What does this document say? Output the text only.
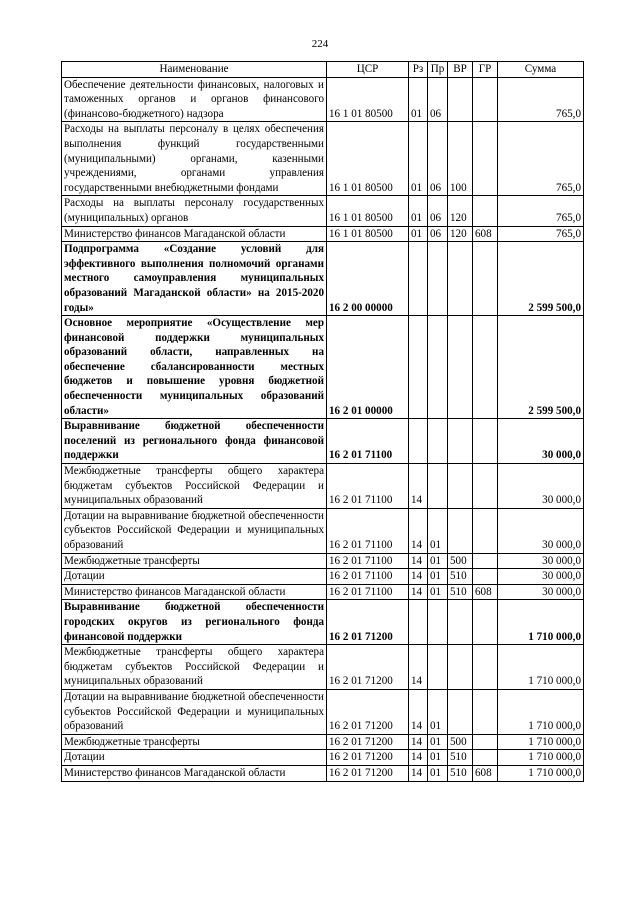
224
Наименование	ЦСР	Рз	Пр	ВР	ГР	Сумма
Обеспечение деятельности финансовых, налоговых и таможенных органов и органов финансового (финансово-бюджетного) надзора	16 1 01 80500	01	06			765,0
Расходы на выплаты персоналу в целях обеспечения выполнения функций государственными (муниципальными) органами, казенными учреждениями, органами управления государственными внебюджетными фондами	16 1 01 80500	01	06	100		765,0
Расходы на выплаты персоналу государственных (муниципальных) органов	16 1 01 80500	01	06	120		765,0
Министерство финансов Магаданской области	16 1 01 80500	01	06	120	608	765,0
Подпрограмма «Создание условий для эффективного выполнения полномочий органами местного самоуправления муниципальных образований Магаданской области» на 2015-2020 годы»	16 2 00 00000					2 599 500,0
Основное мероприятие «Осуществление мер финансовой поддержки муниципальных образований области, направленных на обеспечение сбалансированности местных бюджетов и повышение уровня бюджетной обеспеченности муниципальных образований области»	16 2 01 00000					2 599 500,0
Выравнивание бюджетной обеспеченности поселений из регионального фонда финансовой поддержки	16 2 01 71100					30 000,0
Межбюджетные трансферты общего характера бюджетам субъектов Российской Федерации и муниципальных образований	16 2 01 71100	14				30 000,0
Дотации на выравнивание бюджетной обеспеченности субъектов Российской Федерации и муниципальных образований	16 2 01 71100	14	01			30 000,0
Межбюджетные трансферты	16 2 01 71100	14	01	500		30 000,0
Дотации	16 2 01 71100	14	01	510		30 000,0
Министерство финансов Магаданской области	16 2 01 71100	14	01	510	608	30 000,0
Выравнивание бюджетной обеспеченности городских округов из регионального фонда финансовой поддержки	16 2 01 71200					1 710 000,0
Межбюджетные трансферты общего характера бюджетам субъектов Российской Федерации и муниципальных образований	16 2 01 71200	14				1 710 000,0
Дотации на выравнивание бюджетной обеспеченности субъектов Российской Федерации и муниципальных образований	16 2 01 71200	14	01			1 710 000,0
Межбюджетные трансферты	16 2 01 71200	14	01	500		1 710 000,0
Дотации	16 2 01 71200	14	01	510		1 710 000,0
Министерство финансов Магаданской области	16 2 01 71200	14	01	510	608	1 710 000,0
